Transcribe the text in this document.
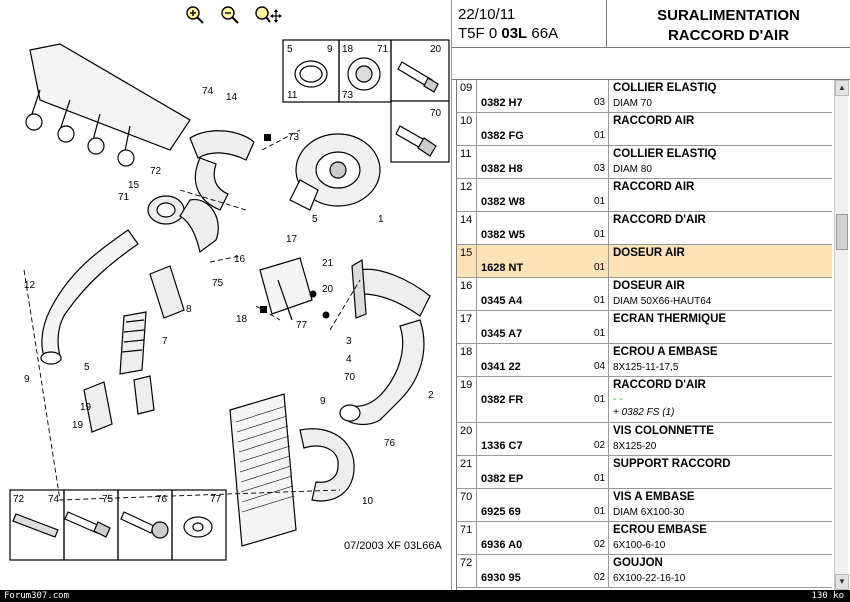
5	9
11
18 71
73
20
70
74
14
73
72
15
71
5	1
17
16
75
12
9
7
8
21
19
20
18
77
3
4
70
5
19
2
9
76
10
72 74	75	76	77
07/2003 XF 03L66A
22/10/11
T5F 0 03L 66A
SURALIMENTATION
RACCORD D'AIR
09
0382 H7	03
COLLIER ELASTIQ
DIAM 70
10
0382 FG	01
RACCORD AIR
11
0382 H8	03
COLLIER ELASTIQ
DIAM 80
12
0382 W8	01
RACCORD AIR
14
0382 W5	01
RACCORD D'AIR
15
1628 NT	01
DOSEUR AIR
16
0345 A4	01
DOSEUR AIR
DIAM 50X66-HAUT64
17
0345 A7	01
ECRAN THERMIQUE
18
0341 22	04
ECROU A EMBASE
8X125-11-17,5
19
0382 FR	01
RACCORD D'AIR
- -
+ 0382 FS (1)
20
1336 C7	02
VIS COLONNETTE
8X125-20
21
0382 EP	01
SUPPORT RACCORD
70
6925 69	01
VIS A EMBASE
DIAM 6X100-30
71
6936 A0	02
ECROU EMBASE
6X100-6-10
72
6930 95	02
GOUJON
6X100-22-16-10
▲
▼
Forum307.com	130 ko
